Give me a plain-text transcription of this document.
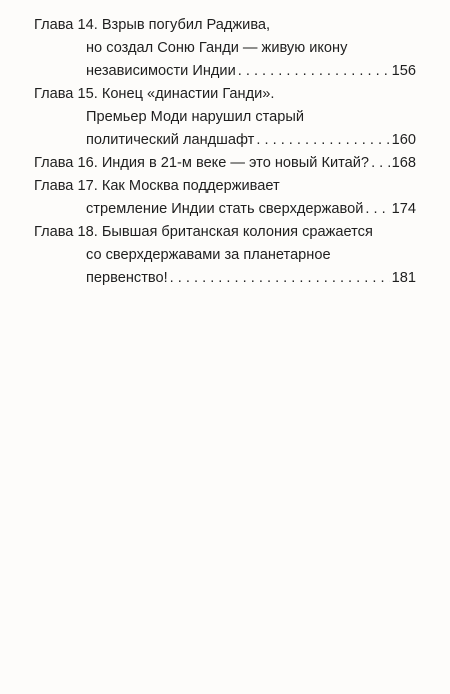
Глава 14. Взрыв погубил Раджива,
но создал Соню Ганди — живую икону
независимости Индии . . .	156
Глава 15. Конец «династии Ганди».
Премьер Моди нарушил старый
политический ландшафт . . .	160
Глава 16. Индия в 21-м веке — это новый Китай? . . . 168
Глава 17. Как Москва поддерживает
стремление Индии стать сверхдержавой . . . 174
Глава 18. Бывшая британская колония сражается
со сверхдержавами за планетарное
первенство! . . .	181
